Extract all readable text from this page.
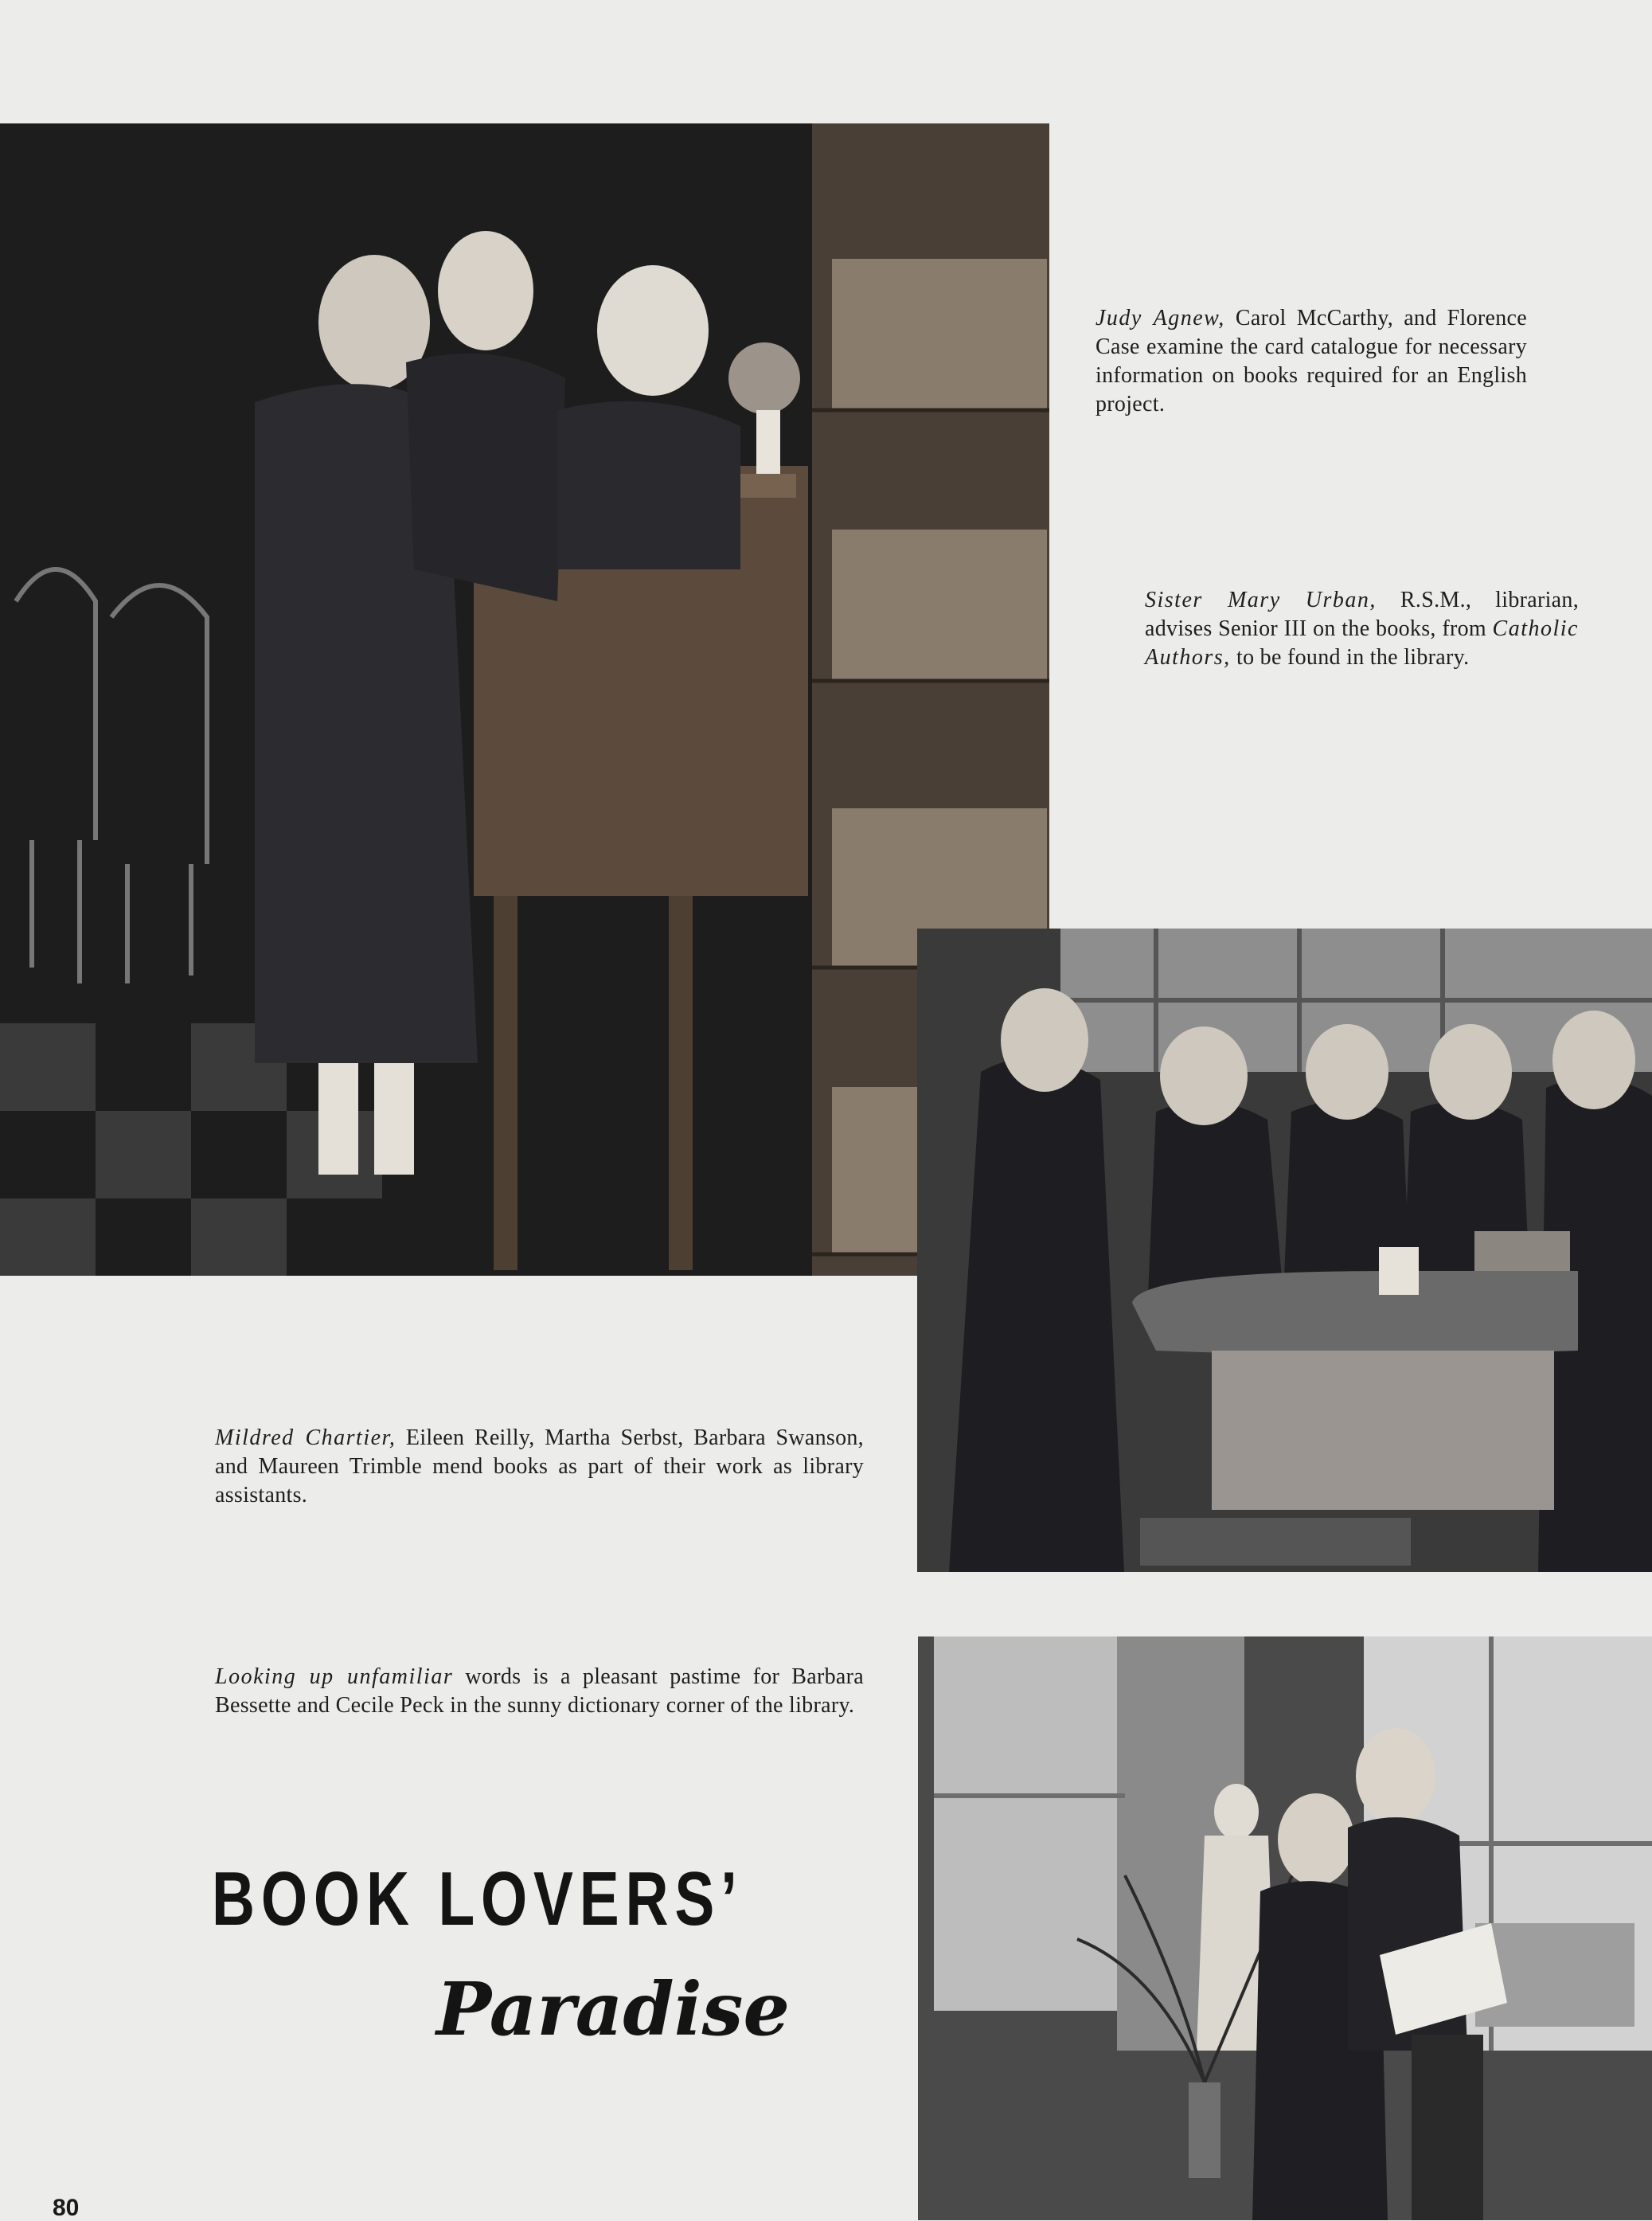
Judy Agnew, Carol McCarthy, and Florence Case examine the card catalogue for necessary information on books required for an English project.

Sister Mary Urban, R.S.M., librarian, advises Senior III on the books, from Catholic Authors, to be found in the library.

Mildred Chartier, Eileen Reilly, Martha Serbst, Barbara Swanson, and Maureen Trimble mend books as part of their work as library assistants.

Looking up unfamiliar words is a pleasant pastime for Barbara Bessette and Cecile Peck in the sunny dictionary corner of the library.

BOOK LOVERS’
Paradise
80
